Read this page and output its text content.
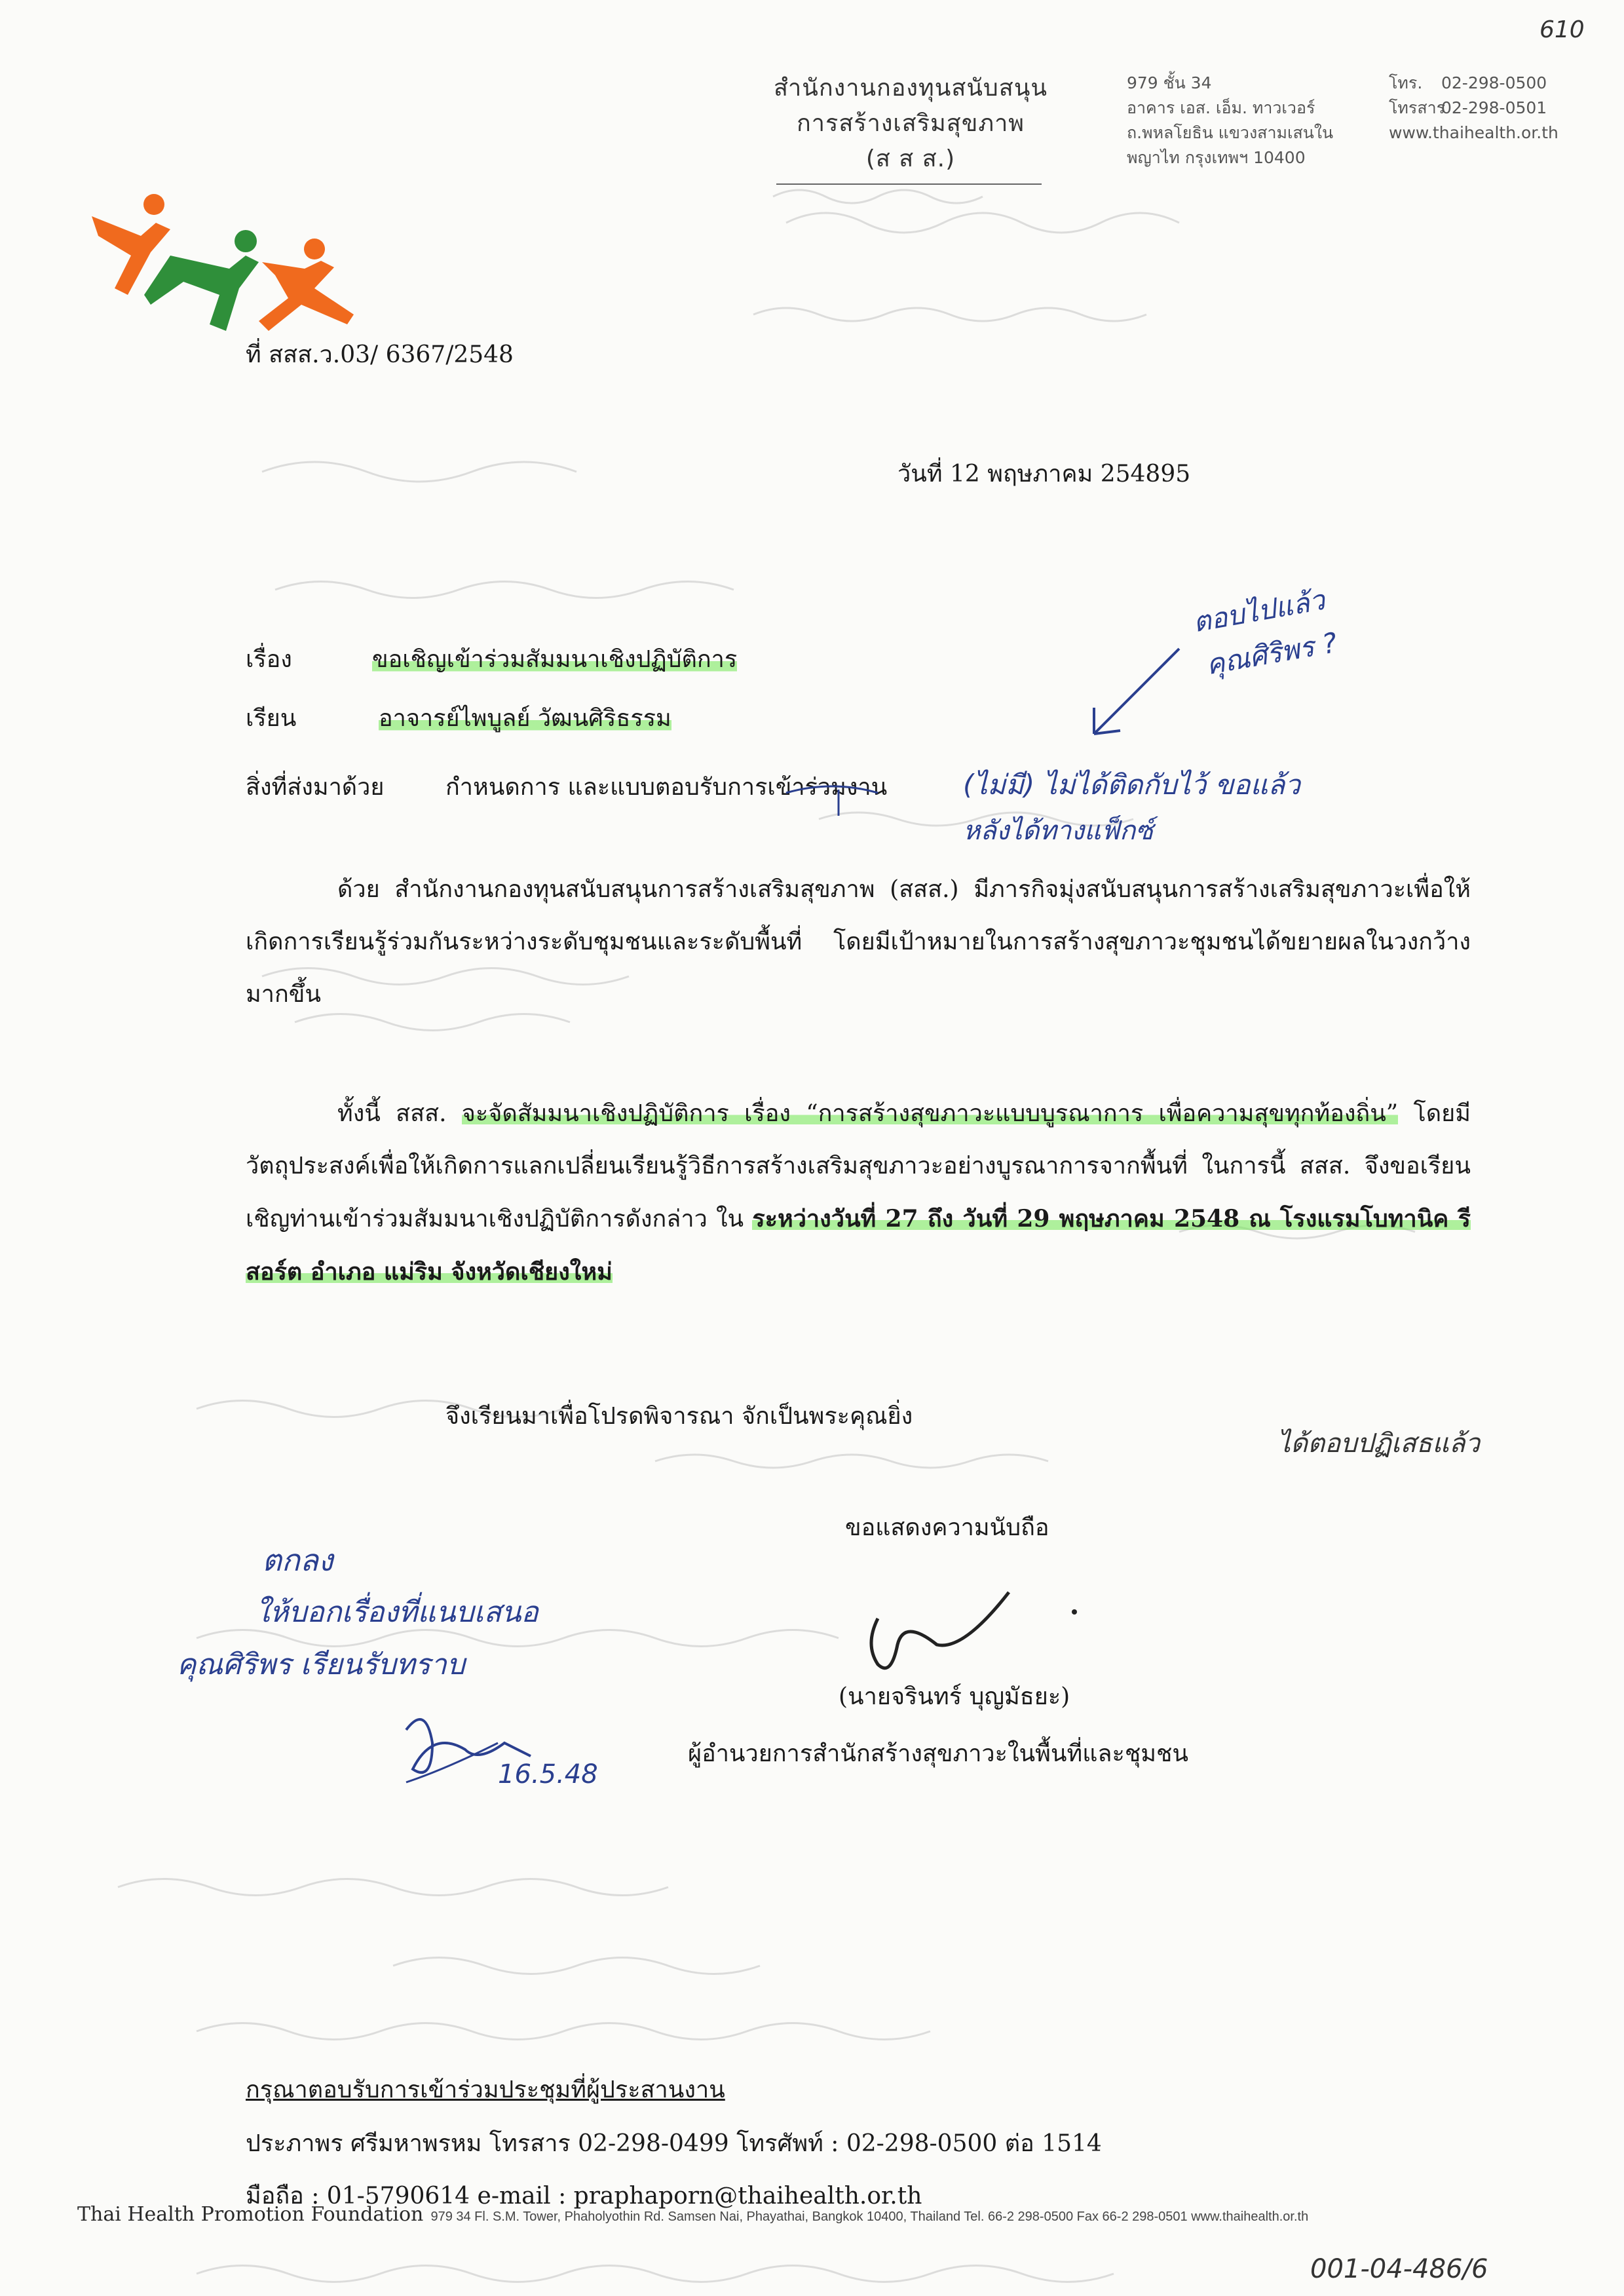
สำนักงานกองทุนสนับสนุน
การสร้างเสริมสุขภาพ
(ส ส ส.)
979 ชั้น 34
อาคาร เอส. เอ็ม. ทาวเวอร์
ถ.พหลโยธิน แขวงสามเสนใน
พญาไท กรุงเทพฯ 10400
โทร. 02-298-0500
โทรสาร02-298-0501
www.thaihealth.or.th
ที่ สสส.ว.03/ 6367/2548
วันที่ 12 พฤษภาคม 254895
เรื่อง	ขอเชิญเข้าร่วมสัมมนาเชิงปฏิบัติการ
เรียน	อาจารย์ไพบูลย์ วัฒนศิริธรรม
สิ่งที่ส่งมาด้วย	กำหนดการ และแบบตอบรับการเข้าร่วมงาน
ด้วย สำนักงานกองทุนสนับสนุนการสร้างเสริมสุขภาพ (สสส.) มีภารกิจมุ่งสนับสนุนการสร้างเสริมสุขภาวะเพื่อให้เกิดการเรียนรู้ร่วมกันระหว่างระดับชุมชนและระดับพื้นที่ โดยมีเป้าหมายในการสร้างสุขภาวะชุมชนได้ขยายผลในวงกว้างมากขึ้น
ทั้งนี้ สสส. จะจัดสัมมนาเชิงปฏิบัติการ เรื่อง “การสร้างสุขภาวะแบบบูรณาการ เพื่อความสุขทุกท้องถิ่น” โดยมีวัตถุประสงค์เพื่อให้เกิดการแลกเปลี่ยนเรียนรู้วิธีการสร้างเสริมสุขภาวะอย่างบูรณาการจากพื้นที่ ในการนี้ สสส. จึงขอเรียนเชิญท่านเข้าร่วมสัมมนาเชิงปฏิบัติการดังกล่าว ใน ระหว่างวันที่ 27 ถึง วันที่ 29 พฤษภาคม 2548 ณ โรงแรมโบทานิค รีสอร์ต อำเภอ แม่ริม จังหวัดเชียงใหม่
จึงเรียนมาเพื่อโปรดพิจารณา จักเป็นพระคุณยิ่ง
ขอแสดงความนับถือ
(นายจรินทร์ บุญมัธยะ)
ผู้อำนวยการสำนักสร้างสุขภาวะในพื้นที่และชุมชน
กรุณาตอบรับการเข้าร่วมประชุมที่ผู้ประสานงาน
ประภาพร ศรีมหาพรหม โทรสาร 02-298-0499 โทรศัพท์ : 02-298-0500 ต่อ 1514
มือถือ : 01-5790614 e-mail : praphaporn@thaihealth.or.th
Thai Health Promotion Foundation 979 34 Fl. S.M. Tower, Phaholyothin Rd. Samsen Nai, Phayathai, Bangkok 10400, Thailand Tel. 66-2 298-0500 Fax 66-2 298-0501 www.thaihealth.or.th
610
ตอบไปแล้ว
คุณศิริพร ?
(ไม่มี) ไม่ได้ติดกับไว้ ขอแล้ว
หลังได้ทางแฟ็กซ์
ได้ตอบปฏิเสธแล้ว
ตกลง
ให้บอกเรื่องที่แนบเสนอ
คุณศิริพร เรียนรับทราบ
16.5.48
001-04-486/6
